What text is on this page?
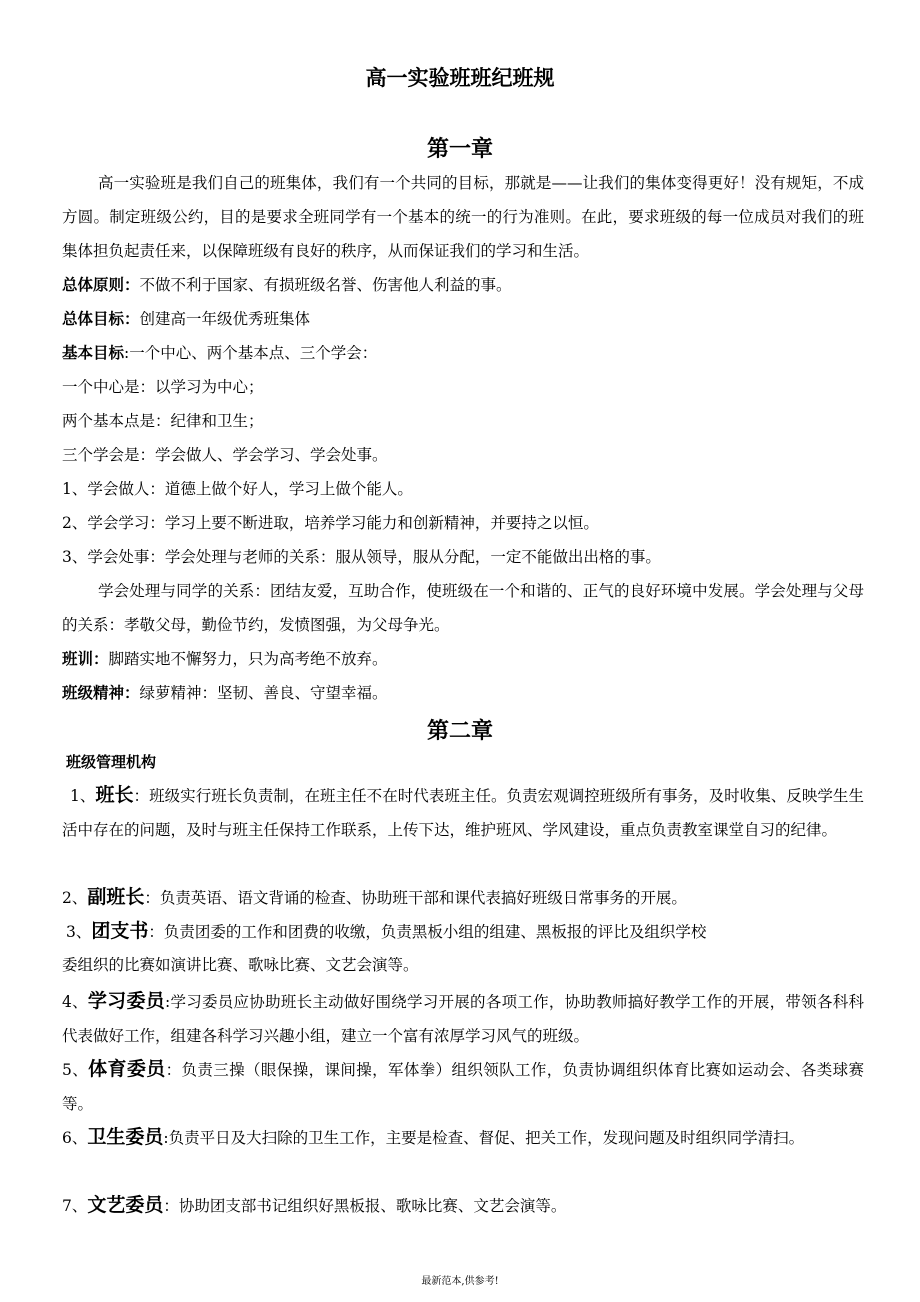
高一实验班班纪班规
第一章
高一实验班是我们自己的班集体，我们有一个共同的目标，那就是——让我们的集体变得更好！没有规矩，不成方圆。制定班级公约，目的是要求全班同学有一个基本的统一的行为准则。在此，要求班级的每一位成员对我们的班集体担负起责任来，以保障班级有良好的秩序，从而保证我们的学习和生活。
总体原则：不做不利于国家、有损班级名誉、伤害他人利益的事。
总体目标：创建高一年级优秀班集体
基本目标:一个中心、两个基本点、三个学会：
一个中心是：以学习为中心；
两个基本点是：纪律和卫生；
三个学会是：学会做人、学会学习、学会处事。
1、学会做人：道德上做个好人，学习上做个能人。
2、学会学习：学习上要不断进取，培养学习能力和创新精神，并要持之以恒。
3、学会处事：学会处理与老师的关系：服从领导，服从分配，一定不能做出出格的事。
学会处理与同学的关系：团结友爱，互助合作，使班级在一个和谐的、正气的良好环境中发展。学会处理与父母的关系：孝敬父母，勤俭节约，发愤图强，为父母争光。
班训：脚踏实地不懈努力，只为高考绝不放弃。
班级精神：绿萝精神：坚韧、善良、守望幸福。
第二章
班级管理机构
1、班长：班级实行班长负责制，在班主任不在时代表班主任。负责宏观调控班级所有事务，及时收集、反映学生生活中存在的问题，及时与班主任保持工作联系，上传下达，维护班风、学风建设，重点负责教室课堂自习的纪律。
2、副班长：负责英语、语文背诵的检查、协助班干部和课代表搞好班级日常事务的开展。
3、团支书：负责团委的工作和团费的收缴，负责黑板小组的组建、黑板报的评比及组织学校
委组织的比赛如演讲比赛、歌咏比赛、文艺会演等。
4、学习委员:学习委员应协助班长主动做好围绕学习开展的各项工作，协助教师搞好教学工作的开展，带领各科科代表做好工作，组建各科学习兴趣小组，建立一个富有浓厚学习风气的班级。
5、体育委员：负责三操（眼保操，课间操，军体拳）组织领队工作，负责协调组织体育比赛如运动会、各类球赛等。
6、卫生委员:负责平日及大扫除的卫生工作，主要是检查、督促、把关工作，发现问题及时组织同学清扫。
7、文艺委员：协助团支部书记组织好黑板报、歌咏比赛、文艺会演等。
最新范本,供参考!
